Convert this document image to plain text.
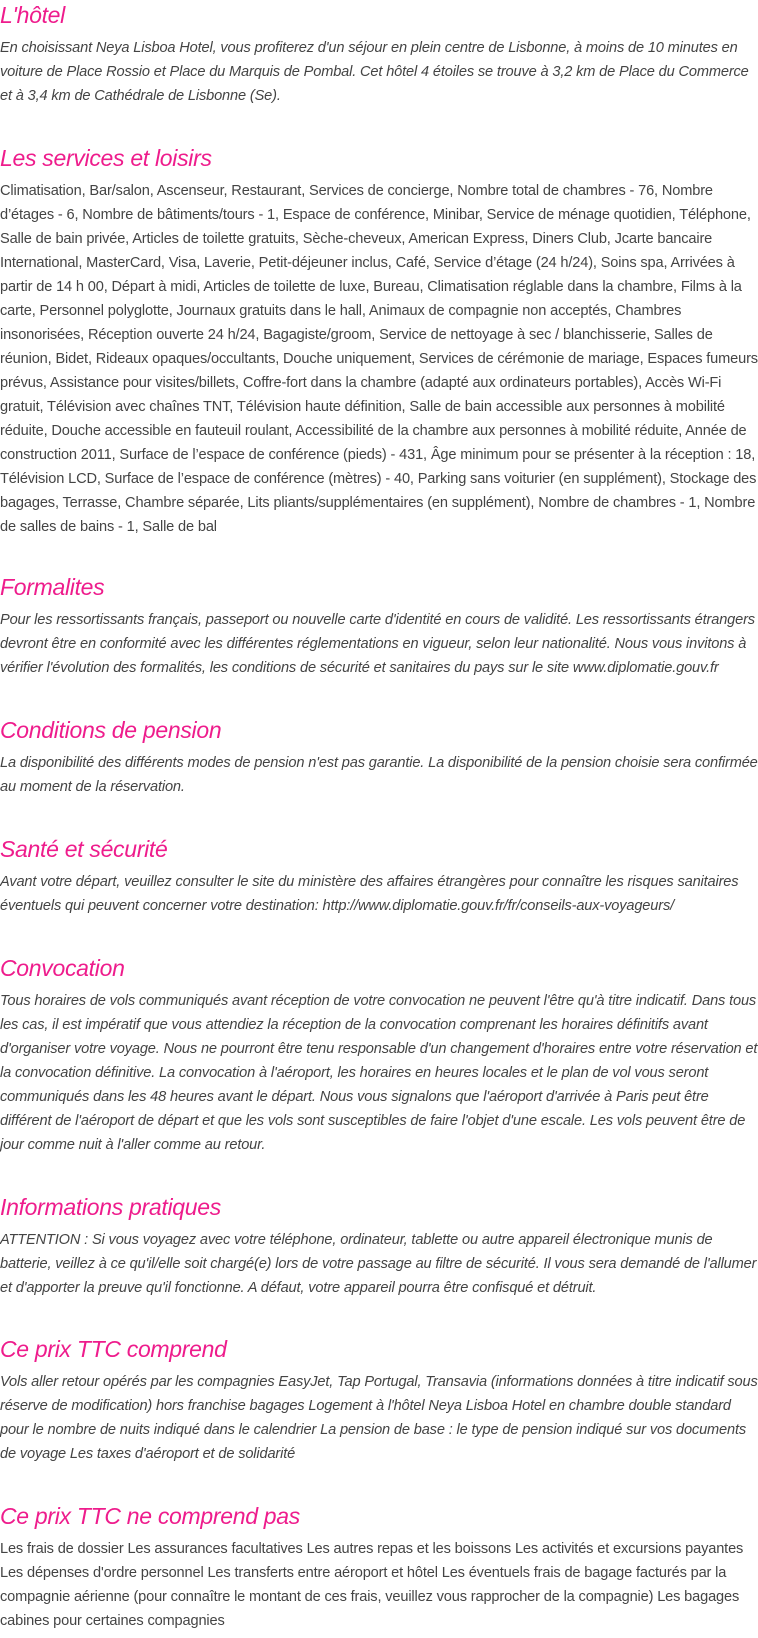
L'hôtel

En choisissant Neya Lisboa Hotel, vous profiterez d'un séjour en plein centre de Lisbonne, à moins de 10 minutes en voiture de Place Rossio et Place du Marquis de Pombal. Cet hôtel 4 étoiles se trouve à 3,2 km de Place du Commerce et à 3,4 km de Cathédrale de Lisbonne (Se).

Les services et loisirs

Climatisation, Bar/salon, Ascenseur, Restaurant, Services de concierge, Nombre total de chambres - 76, Nombre d’étages - 6, Nombre de bâtiments/tours - 1, Espace de conférence, Minibar, Service de ménage quotidien, Téléphone, Salle de bain privée, Articles de toilette gratuits, Sèche-cheveux, American Express, Diners Club, Jcarte bancaire International, MasterCard, Visa, Laverie, Petit-déjeuner inclus, Café, Service d’étage (24 h/24), Soins spa, Arrivées à partir de 14 h 00, Départ à midi, Articles de toilette de luxe, Bureau, Climatisation réglable dans la chambre, Films à la carte, Personnel polyglotte, Journaux gratuits dans le hall, Animaux de compagnie non acceptés, Chambres insonorisées, Réception ouverte 24 h/24, Bagagiste/groom, Service de nettoyage à sec / blanchisserie, Salles de réunion, Bidet, Rideaux opaques/occultants, Douche uniquement, Services de cérémonie de mariage, Espaces fumeurs prévus, Assistance pour visites/billets, Coffre-fort dans la chambre (adapté aux ordinateurs portables), Accès Wi-Fi gratuit, Télévision avec chaînes TNT, Télévision haute définition, Salle de bain accessible aux personnes à mobilité réduite, Douche accessible en fauteuil roulant, Accessibilité de la chambre aux personnes à mobilité réduite, Année de construction 2011, Surface de l’espace de conférence (pieds) - 431, Âge minimum pour se présenter à la réception : 18, Télévision LCD, Surface de l’espace de conférence (mètres) - 40, Parking sans voiturier (en supplément), Stockage des bagages, Terrasse, Chambre séparée, Lits pliants/supplémentaires (en supplément), Nombre de chambres - 1, Nombre de salles de bains - 1, Salle de bal

Formalites

Pour les ressortissants français, passeport ou nouvelle carte d'identité en cours de validité. Les ressortissants étrangers devront être en conformité avec les différentes réglementations en vigueur, selon leur nationalité. Nous vous invitons à vérifier l'évolution des formalités, les conditions de sécurité et sanitaires du pays sur le site www.diplomatie.gouv.fr

Conditions de pension

La disponibilité des différents modes de pension n'est pas garantie. La disponibilité de la pension choisie sera confirmée au moment de la réservation.

Santé et sécurité

Avant votre départ, veuillez consulter le site du ministère des affaires étrangères pour connaître les risques sanitaires éventuels qui peuvent concerner votre destination: http://www.diplomatie.gouv.fr/fr/conseils-aux-voyageurs/

Convocation

Tous horaires de vols communiqués avant réception de votre convocation ne peuvent l'être qu'à titre indicatif. Dans tous les cas, il est impératif que vous attendiez la réception de la convocation comprenant les horaires définitifs avant d'organiser votre voyage. Nous ne pourront être tenu responsable d'un changement d'horaires entre votre réservation et la convocation définitive. La convocation à l'aéroport, les horaires en heures locales et le plan de vol vous seront communiqués dans les 48 heures avant le départ. Nous vous signalons que l'aéroport d'arrivée à Paris peut être différent de l'aéroport de départ et que les vols sont susceptibles de faire l'objet d'une escale. Les vols peuvent être de jour comme nuit à l'aller comme au retour.

Informations pratiques

ATTENTION : Si vous voyagez avec votre téléphone, ordinateur, tablette ou autre appareil électronique munis de batterie, veillez à ce qu'il/elle soit chargé(e) lors de votre passage au filtre de sécurité. Il vous sera demandé de l'allumer et d'apporter la preuve qu'il fonctionne. A défaut, votre appareil pourra être confisqué et détruit.

Ce prix TTC comprend

Vols aller retour opérés par les compagnies EasyJet, Tap Portugal, Transavia (informations données à titre indicatif sous réserve de modification) hors franchise bagages Logement à l'hôtel Neya Lisboa Hotel en chambre double standard pour le nombre de nuits indiqué dans le calendrier La pension de base : le type de pension indiqué sur vos documents de voyage Les taxes d'aéroport et de solidarité

Ce prix TTC ne comprend pas

Les frais de dossier Les assurances facultatives Les autres repas et les boissons Les activités et excursions payantes Les dépenses d'ordre personnel Les transferts entre aéroport et hôtel Les éventuels frais de bagage facturés par la compagnie aérienne (pour connaître le montant de ces frais, veuillez vous rapprocher de la compagnie) Les bagages cabines pour certaines compagnies
